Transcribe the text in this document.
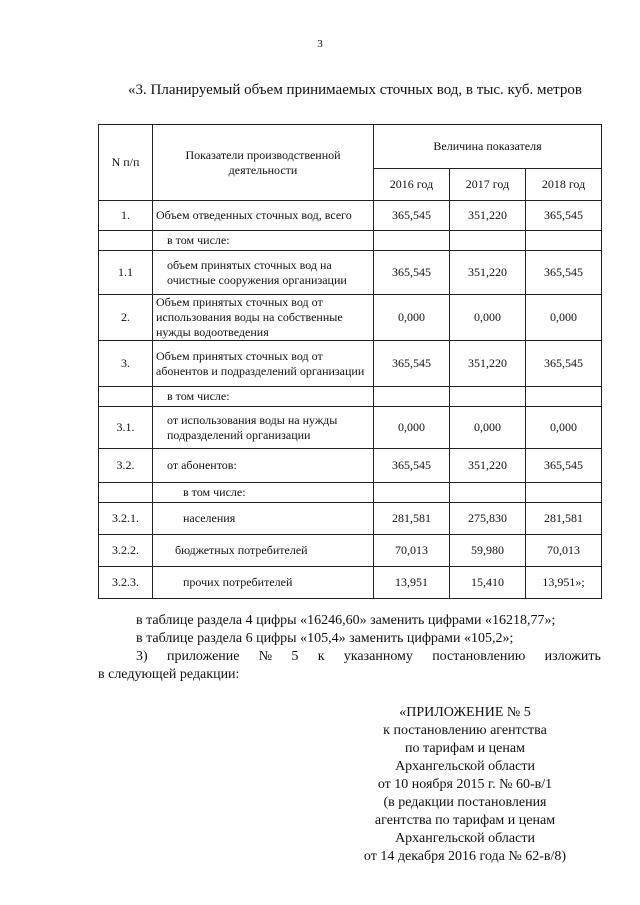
3
«3. Планируемый объем принимаемых сточных вод, в тыс. куб. метров
N п/п	Показатели производственной деятельности	Величина показателя		
		2016 год	2017 год	2018 год
1.	Объем отведенных сточных вод, всего	365,545	351,220	365,545
	в том числе:			
1.1	объем принятых сточных вод на очистные сооружения организации	365,545	351,220	365,545
2.	Объем принятых сточных вод от использования воды на собственные нужды водоотведения	0,000	0,000	0,000
3.	Объем принятых сточных вод от абонентов и подразделений организации	365,545	351,220	365,545
	в том числе:			
3.1.	от использования воды на нужды подразделений организации	0,000	0,000	0,000
3.2.	от абонентов:	365,545	351,220	365,545
	в том числе:			
3.2.1.	населения	281,581	275,830	281,581
3.2.2.	бюджетных потребителей	70,013	59,980	70,013
3.2.3.	прочих потребителей	13,951	15,410	13,951»;
в таблице раздела 4 цифры «16246,60» заменить цифрами «16218,77»;
в таблице раздела 6 цифры «105,4» заменить цифрами «105,2»;
3) приложение № 5 к указанному постановлению изложить
в следующей редакции:
«ПРИЛОЖЕНИЕ № 5
к постановлению агентства
по тарифам и ценам
Архангельской области
от 10 ноября 2015 г. № 60-в/1
(в редакции постановления
агентства по тарифам и ценам
Архангельской области
от 14 декабря 2016 года № 62-в/8)
